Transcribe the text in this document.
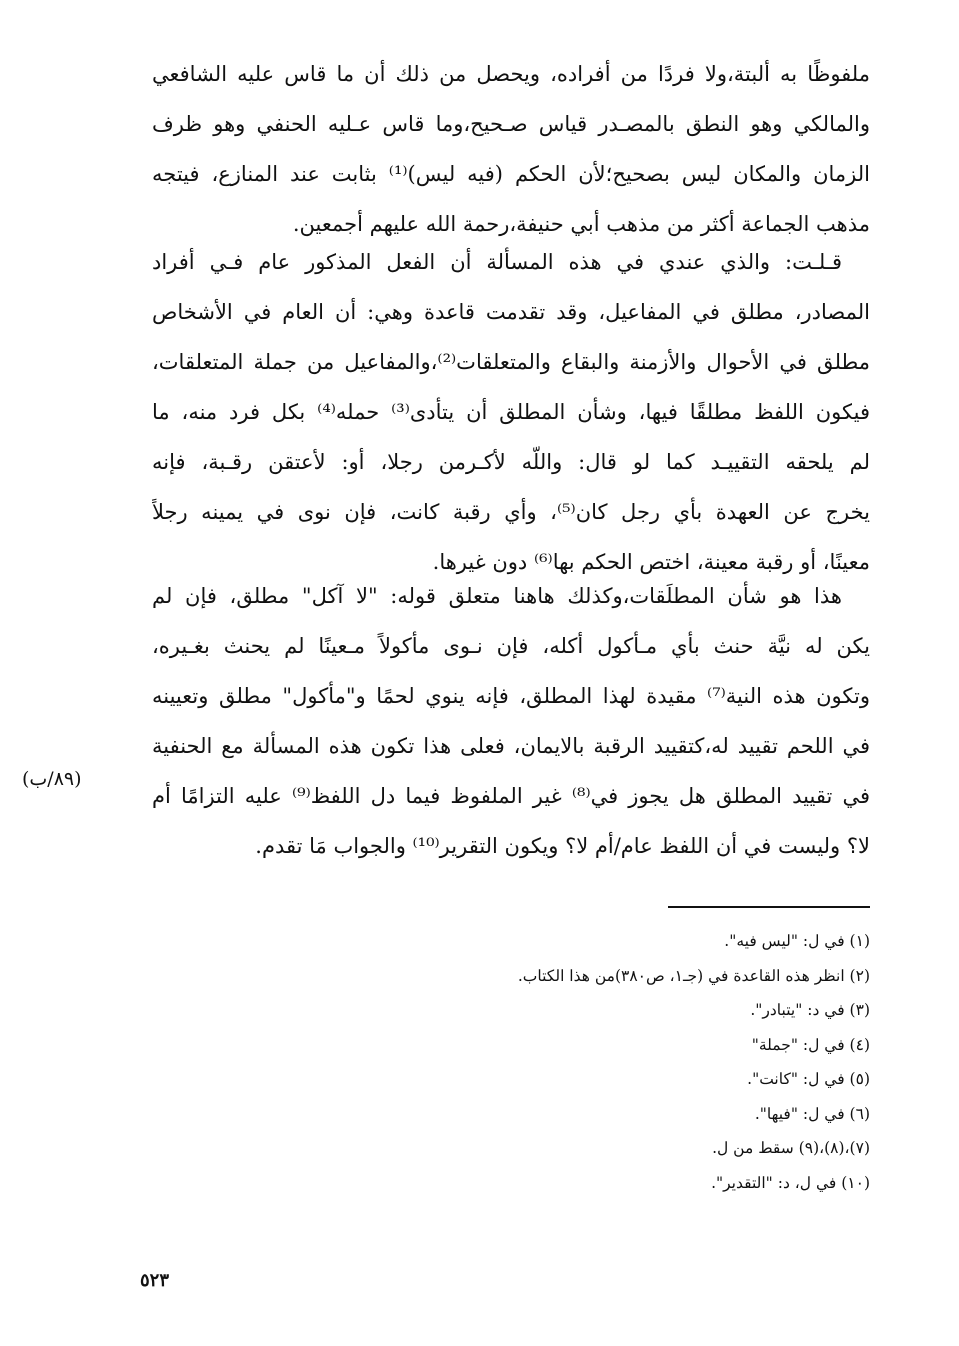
ملفوظًا به ألبتة،ولا فردًا من أفراده، ويحصل من ذلك أن ما قاس عليه الشافعي
والمالكي وهو النطق بالمصـدر قياس صـحيح،وما قاس عـليه الحنفي وهو ظرف
الزمان والمكان ليس بصحيح؛لأن الحكم (فيه ليس)⁽¹⁾ بثابت عند المنازع، فيتجه
مذهب الجماعة أكثر من مذهب أبي حنيفة،رحمة الله عليهم أجمعين.
قـلـت: والذي عندي في هذه المسألة أن الفعل المذكور عام فـي أفراد
المصادر، مطلق في المفاعيل، وقد تقدمت قاعدة وهي: أن العام في الأشخاص
مطلق في الأحوال والأزمنة والبقاع والمتعلقات⁽²⁾،والمفاعيل من جملة المتعلقات،
فيكون اللفظ مطلقًا فيها، وشأن المطلق أن يتأدى⁽³⁾ حمله⁽⁴⁾ بكل فرد منه، ما
لم يلحقه التقييـد كما لو قال: واللّه لأكـرمن رجلا، أو: لأعتقن رقـبة، فإنه
يخرج عن العهدة بأي رجل كان⁽⁵⁾، وأي رقبة كانت، فإن نوى في يمينه رجلاً
معينًا، أو رقبة معينة، اختص الحكم بها⁽⁶⁾ دون غيرها.
هذا هو شأن المطلَقات،وكذلك هاهنا متعلق قوله: "لا آكل" مطلق، فإن لم
يكن له نيَّة حنث بأي مـأكول أكله، فإن نـوى مأكولاً مـعينًا لم يحنث بغـيره،
وتكون هذه النية⁽⁷⁾ مقيدة لهذا المطلق، فإنه ينوي لحمًا و"مأكول" مطلق وتعيينه
في اللحم تقييد له،كتقييد الرقبة بالايمان، فعلى هذا تكون هذه المسألة مع الحنفية
في تقييد المطلق هل يجوز في⁽⁸⁾ غير الملفوظ فيما دل اللفظ⁽⁹⁾ عليه التزامًا أم
لا؟ وليست في أن اللفظ عام/أم لا؟ ويكون التقرير⁽¹⁰⁾ والجواب مَا تقدم.
(٨٩/ب)
(١) في ل: "ليس فيه".
(٢) انظر هذه القاعدة في (جـ١، ص٣٨٠)من هذا الكتاب.
(٣) في د: "يتبادر".
(٤) في ل: "جملة"
(٥) في ل: "كانت".
(٦) في ل: "فيها".
(٧)،(٨)،(٩) سقط من ل.
(١٠) في ل، د: "التقدير".
٥٢٣
